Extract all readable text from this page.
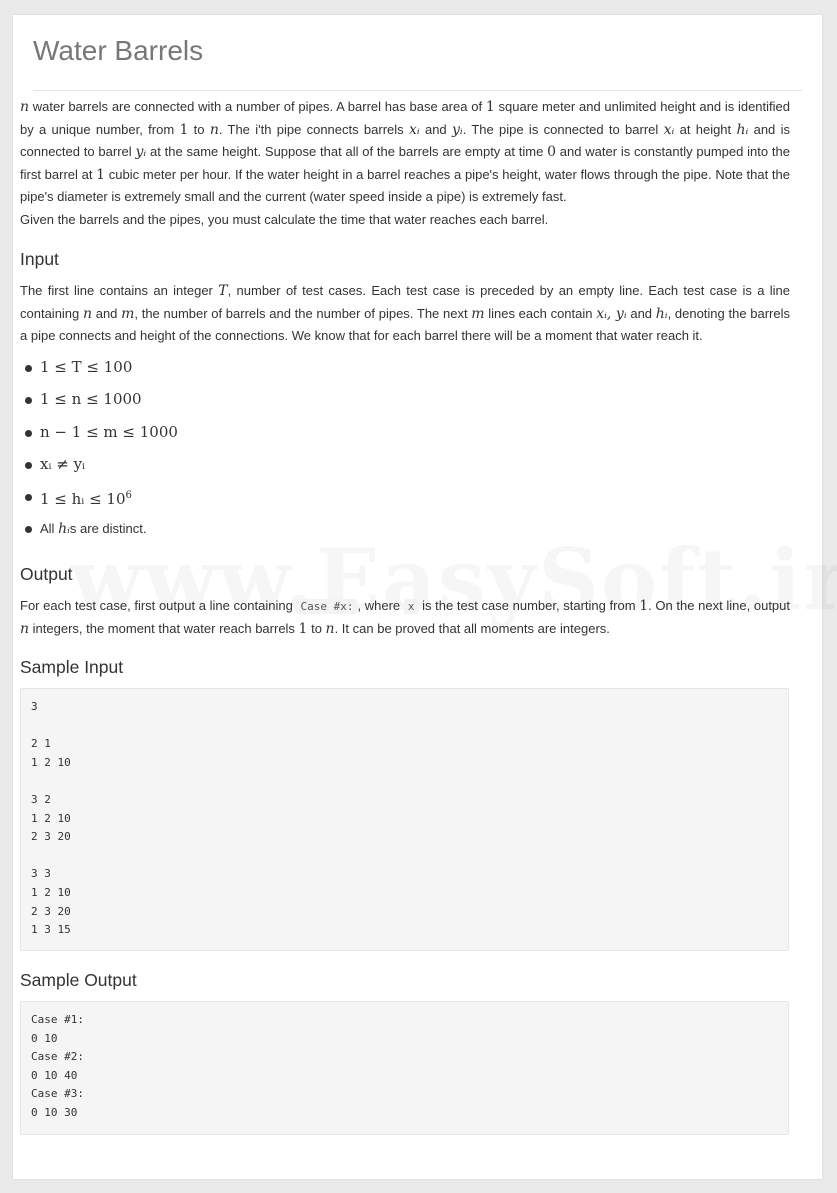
Water Barrels

n water barrels are connected with a number of pipes. A barrel has base area of 1 square meter and unlimited height and is identified by a unique number, from 1 to n. The i'th pipe connects barrels xᵢ and yᵢ. The pipe is connected to barrel xᵢ at height hᵢ and is connected to barrel yᵢ at the same height. Suppose that all of the barrels are empty at time 0 and water is constantly pumped into the first barrel at 1 cubic meter per hour. If the water height in a barrel reaches a pipe's height, water flows through the pipe. Note that the pipe's diameter is extremely small and the current (water speed inside a pipe) is extremely fast.

Given the barrels and the pipes, you must calculate the time that water reaches each barrel.

Input

The first line contains an integer T, number of test cases. Each test case is preceded by an empty line. Each test case is a line containing n and m, the number of barrels and the number of pipes. The next m lines each contain xᵢ, yᵢ and hᵢ, denoting the barrels a pipe connects and height of the connections. We know that for each barrel there will be a moment that water reach it.

1 ≤ T ≤ 100
1 ≤ n ≤ 1000
n − 1 ≤ m ≤ 1000
xᵢ ≠ yᵢ
1 ≤ hᵢ ≤ $10^6$
All hᵢs are distinct.
Output

For each test case, first output a line containing Case #x: , where x is the test case number, starting from 1. On the next line, output n integers, the moment that water reach barrels 1 to n. It can be proved that all moments are integers.

Sample Input
3

2 1
1 2 10

3 2
1 2 10
2 3 20

3 3
1 2 10
2 3 20
1 3 15
Sample Output
Case #1:
0 10
Case #2:
0 10 40
Case #3:
0 10 30
